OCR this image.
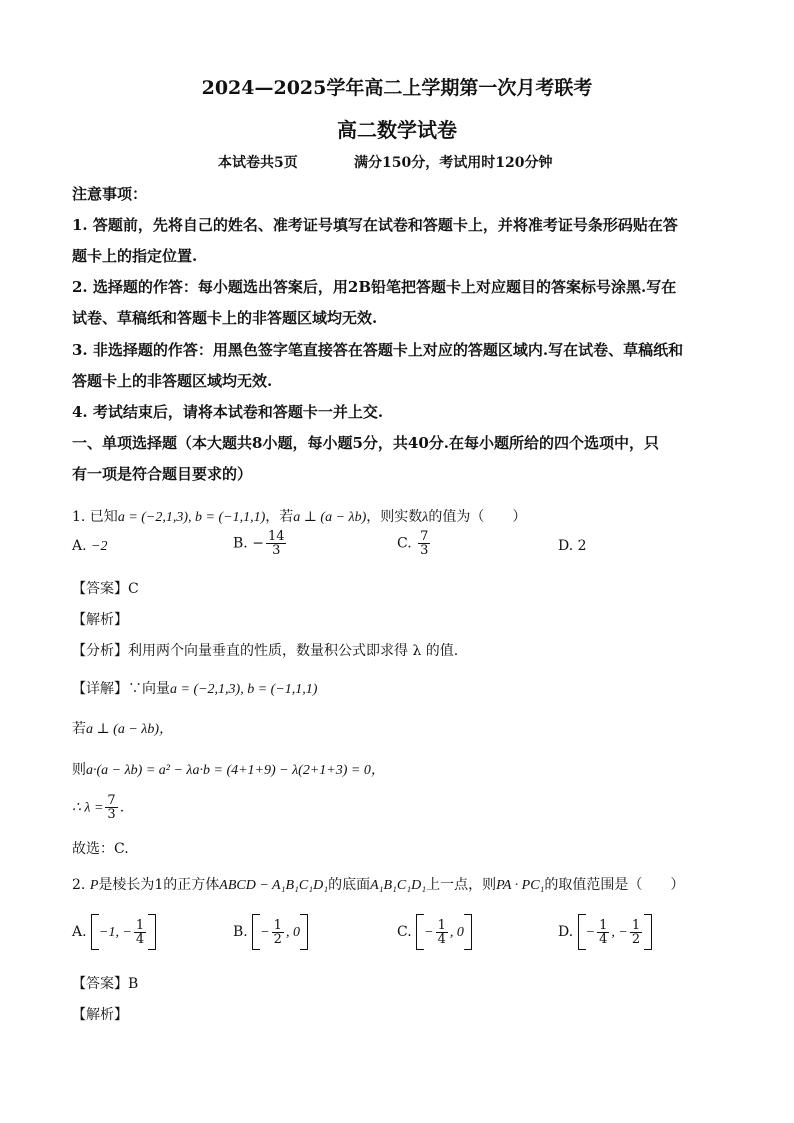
2024—2025学年高二上学期第一次月考联考
高二数学试卷
本试卷共5页	满分150分，考试用时120分钟
注意事项：
1. 答题前，先将自己的姓名、准考证号填写在试卷和答题卡上，并将准考证号条形码贴在答
题卡上的指定位置.
2. 选择题的作答：每小题选出答案后，用2B铅笔把答题卡上对应题目的答案标号涂黑.写在
试卷、草稿纸和答题卡上的非答题区域均无效.
3. 非选择题的作答：用黑色签字笔直接答在答题卡上对应的答题区域内.写在试卷、草稿纸和
答题卡上的非答题区域均无效.
4. 考试结束后，请将本试卷和答题卡一并上交.
一、单项选择题（本大题共8小题，每小题5分，共40分.在每小题所给的四个选项中，只
有一项是符合题目要求的）
1. 已知a = (−2,1,3), b = (−1,1,1)，若a ⊥ (a − λb)，则实数λ的值为（　　）
A. −2	B. − $\frac{14}{3}$	C. $\frac{7}{3}$	D. 2
【答案】C
【解析】
【分析】利用两个向量垂直的性质，数量积公式即求得 λ 的值.
【详解】∵向量a = (−2,1,3), b = (−1,1,1)
若a ⊥ (a − λb)，
则a·(a − λb) = a² − λa·b = (4+1+9) − λ(2+1+3) = 0，
∴ $\lambda = \frac{7}{3}$ .
故选：C.
2. P是棱长为1的正方体ABCD − A₁B₁C₁D₁的底面A₁B₁C₁D₁上一点，则PA · PC₁的取值范围是（　　）
A. −1, − $\frac{1}{4}$	B. − $\frac{1}{2}$ , 0	C. − $\frac{1}{4}$ , 0	D. − $\frac{1}{4}$ , − $\frac{1}{2}$
【答案】B
【解析】
